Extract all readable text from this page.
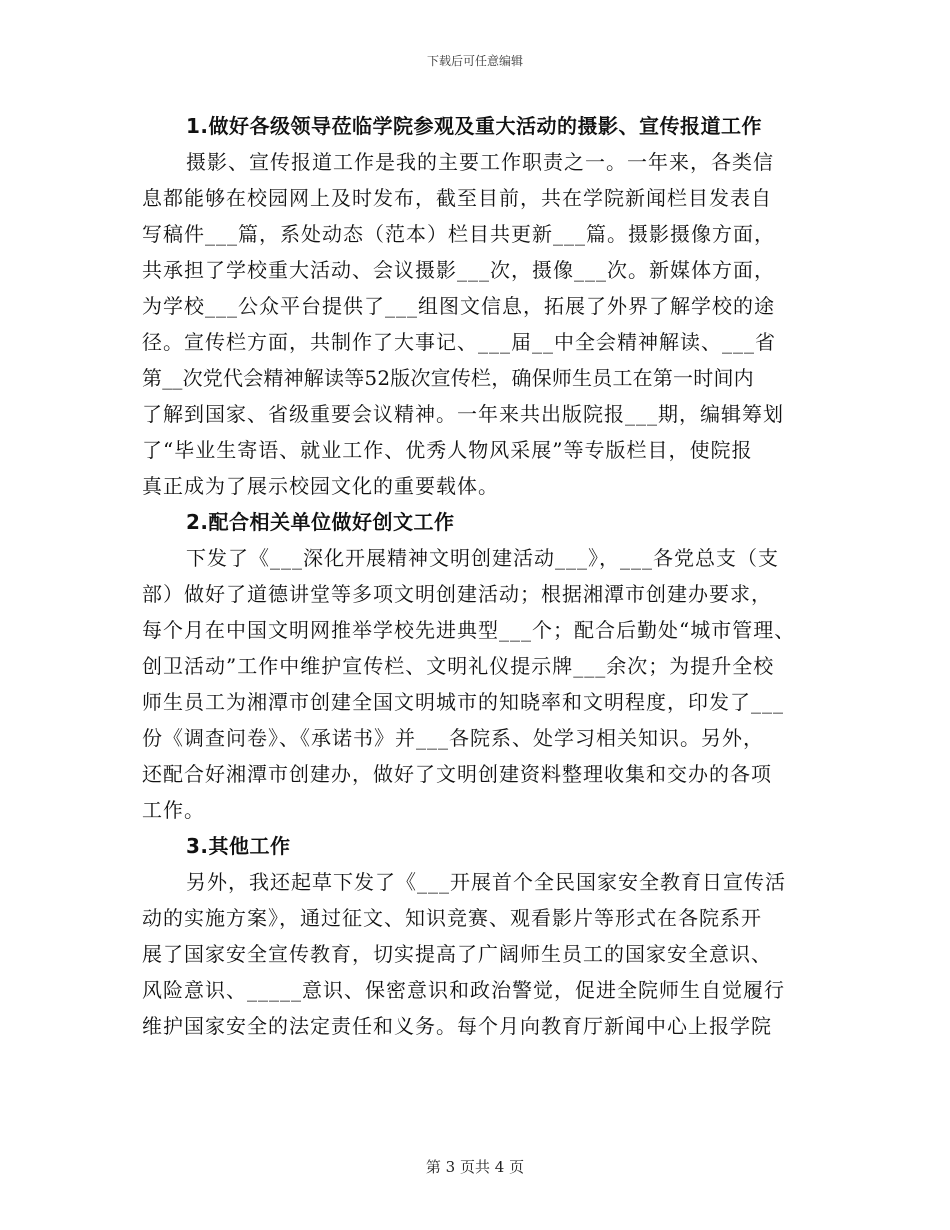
下载后可任意编辑
1.做好各级领导莅临学院参观及重大活动的摄影、宣传报道工作
摄影、宣传报道工作是我的主要工作职责之一。一年来，各类信
息都能够在校园网上及时发布，截至目前，共在学院新闻栏目发表自
写稿件___篇，系处动态（范本）栏目共更新___篇。摄影摄像方面，
共承担了学校重大活动、会议摄影___次，摄像___次。新媒体方面，
为学校___公众平台提供了___组图文信息，拓展了外界了解学校的途
径。宣传栏方面，共制作了大事记、___届__中全会精神解读、___省
第__次党代会精神解读等52版次宣传栏，确保师生员工在第一时间内
了解到国家、省级重要会议精神。一年来共出版院报___期，编辑筹划
了“毕业生寄语、就业工作、优秀人物风采展”等专版栏目，使院报
真正成为了展示校园文化的重要载体。
2.配合相关单位做好创文工作
下发了《___深化开展精神文明创建活动___》，___各党总支（支
部）做好了道德讲堂等多项文明创建活动；根据湘潭市创建办要求，
每个月在中国文明网推举学校先进典型___个；配合后勤处“城市管理、
创卫活动”工作中维护宣传栏、文明礼仪提示牌___余次；为提升全校
师生员工为湘潭市创建全国文明城市的知晓率和文明程度，印发了___
份《调查问卷》、《承诺书》并___各院系、处学习相关知识。另外，
还配合好湘潭市创建办，做好了文明创建资料整理收集和交办的各项
工作。
3.其他工作
另外，我还起草下发了《___开展首个全民国家安全教育日宣传活
动的实施方案》，通过征文、知识竞赛、观看影片等形式在各院系开
展了国家安全宣传教育，切实提高了广阔师生员工的国家安全意识、
风险意识、_____意识、保密意识和政治警觉，促进全院师生自觉履行
维护国家安全的法定责任和义务。每个月向教育厅新闻中心上报学院
第 3 页共 4 页
